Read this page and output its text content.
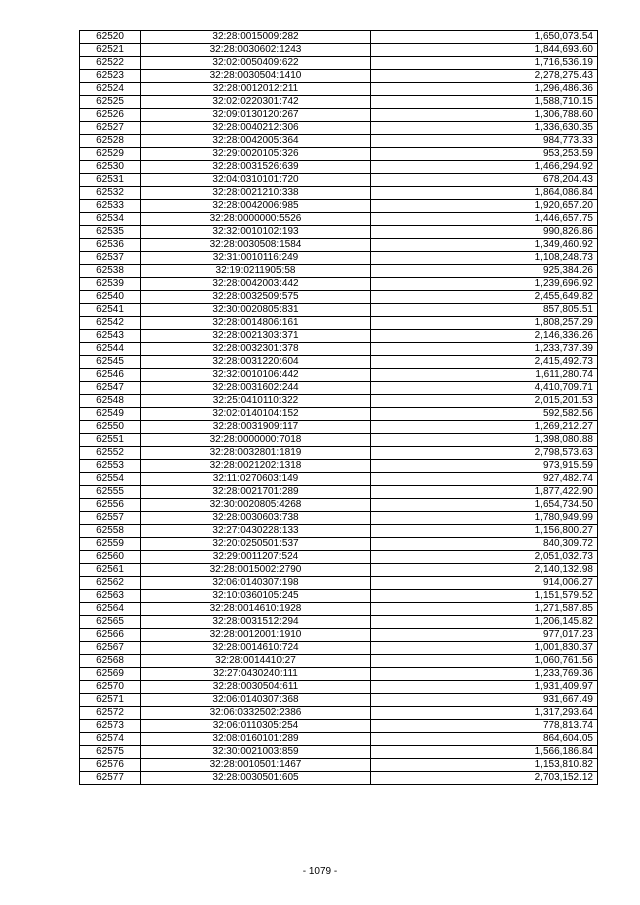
62520	32:28:0015009:282	1,650,073.54
62521	32:28:0030602:1243	1,844,693.60
62522	32:02:0050409:622	1,716,536.19
62523	32:28:0030504:1410	2,278,275.43
62524	32:28:0012012:211	1,296,486.36
62525	32:02:0220301:742	1,588,710.15
62526	32:09:0130120:267	1,306,788.60
62527	32:28:0040212:306	1,336,630.35
62528	32:28:0042005:364	984,773.33
62529	32:29:0020105:326	953,253.59
62530	32:28:0031526:639	1,466,294.92
62531	32:04:0310101:720	678,204.43
62532	32:28:0021210:338	1,864,086.84
62533	32:28:0042006:985	1,920,657.20
62534	32:28:0000000:5526	1,446,657.75
62535	32:32:0010102:193	990,826.86
62536	32:28:0030508:1584	1,349,460.92
62537	32:31:0010116:249	1,108,248.73
62538	32:19:0211905:58	925,384.26
62539	32:28:0042003:442	1,239,696.92
62540	32:28:0032509:575	2,455,649.82
62541	32:30:0020805:831	857,805.51
62542	32:28:0014806:161	1,808,257.29
62543	32:28:0021303:371	2,146,336.26
62544	32:28:0032301:378	1,233,737.39
62545	32:28:0031220:604	2,415,492.73
62546	32:32:0010106:442	1,611,280.74
62547	32:28:0031602:244	4,410,709.71
62548	32:25:0410110:322	2,015,201.53
62549	32:02:0140104:152	592,582.56
62550	32:28:0031909:117	1,269,212.27
62551	32:28:0000000:7018	1,398,080.88
62552	32:28:0032801:1819	2,798,573.63
62553	32:28:0021202:1318	973,915.59
62554	32:11:0270603:149	927,482.74
62555	32:28:0021701:289	1,877,422.90
62556	32:30:0020805:4268	1,654,734.50
62557	32:28:0030603:738	1,780,949.99
62558	32:27:0430228:133	1,156,800.27
62559	32:20:0250501:537	840,309.72
62560	32:29:0011207:524	2,051,032.73
62561	32:28:0015002:2790	2,140,132.98
62562	32:06:0140307:198	914,006.27
62563	32:10:0360105:245	1,151,579.52
62564	32:28:0014610:1928	1,271,587.85
62565	32:28:0031512:294	1,206,145.82
62566	32:28:0012001:1910	977,017.23
62567	32:28:0014610:724	1,001,830.37
62568	32:28:0014410:27	1,060,761.56
62569	32:27:0430240:111	1,233,769.36
62570	32:28:0030504:611	1,931,409.97
62571	32:06:0140307:368	931,667.49
62572	32:06:0332502:2386	1,317,293.64
62573	32:06:0110305:254	778,813.74
62574	32:08:0160101:289	864,604.05
62575	32:30:0021003:859	1,566,186.84
62576	32:28:0010501:1467	1,153,810.82
62577	32:28:0030501:605	2,703,152.12
- 1079 -
